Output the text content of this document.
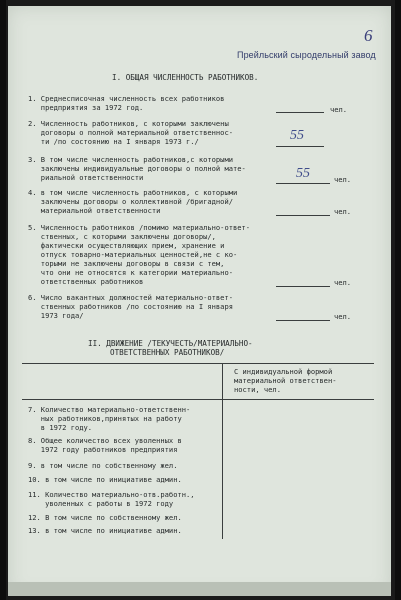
6
Прейльский сыродельный завод
I. ОБЩАЯ ЧИСЛЕННОСТЬ РАБОТНИКОВ.
1. Среднесписочная численность всех работников
предприятия за 1972 год.	чел.
2. Численность работников, с которыми заключены
договоры о полной материальной ответственнос-
ти /по состоянию на I января 1973 г./	55
3. В том числе численность работников,с которыми
заключены индивидуальные договоры о полной мате-
риальной ответственности	55	чел.
4. в том числе численность работников, с которыми
заключены договоры о коллективной /бригадной/
материальной ответственности	чел.
5. Численность работников /помимо материально-ответ-
ственных, с которыми заключены договоры/,
фактически осуществляющих прием, хранение и
отпуск товарно-материальных ценностей,не с ко-
торыми не заключены договоры в связи с тем,
что они не относятся к категории материально-
ответственных работников	чел.
6. Число вакантных должностей материально-ответ-
ственных работников /по состоянию на I января
1973 года/	чел.
II. ДВИЖЕНИЕ /ТЕКУЧЕСТЬ/МАТЕРИАЛЬНО-
ОТВЕТСТВЕННЫХ РАБОТНИКОВ/
С индивидуальной формой
материальной ответствен-
ности, чел.
7. Количество материально-ответственн-
ных работников,принятых на работу
в 1972 году.
8. Общее количество всех уволенных в
1972 году работников предприятия
9. в том числе по собственному жел.
10. в том числе по инициативе админ.
11. Количество материально-отв.работн.,
уволенных с работы в 1972 году
12. В том числе по собственному жел.
13. в том числе по инициативе админ.
